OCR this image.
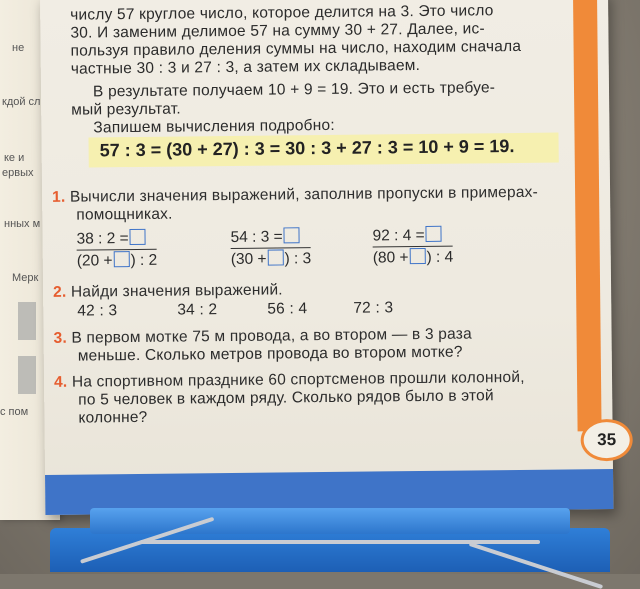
не
кдой сл
ке и
ервых
нных м
Мерк
с пом
числу 57 круглое число, которое делится на 3. Это число
30. И заменим делимое 57 на сумму 30 + 27. Далее, ис-
пользуя правило деления суммы на число, находим сначала
частные 30 : 3 и 27 : 3, а затем их складываем.
В результате получаем 10 + 9 = 19. Это и есть требуе-
мый результат.
Запишем вычисления подробно:
57 : 3 = (30 + 27) : 3 = 30 : 3 + 27 : 3 = 10 + 9 = 19.
1. Вычисли значения выражений, заполнив пропуски в примерах-
помощниках.
$\frac{38 : 2 =}{(20 + ) : 2}$	$\frac{54 : 3 =}{(30 + ) : 3}$	$\frac{92 : 4 =}{(80 + ) : 4}$
2. Найди значения выражений.
42 : 3	34 : 2	56 : 4	72 : 3
3. В первом мотке 75 м провода, а во втором — в 3 раза
меньше. Сколько метров провода во втором мотке?
4. На спортивном празднике 60 спортсменов прошли колонной,
по 5 человек в каждом ряду. Сколько рядов было в этой
колонне?
35
